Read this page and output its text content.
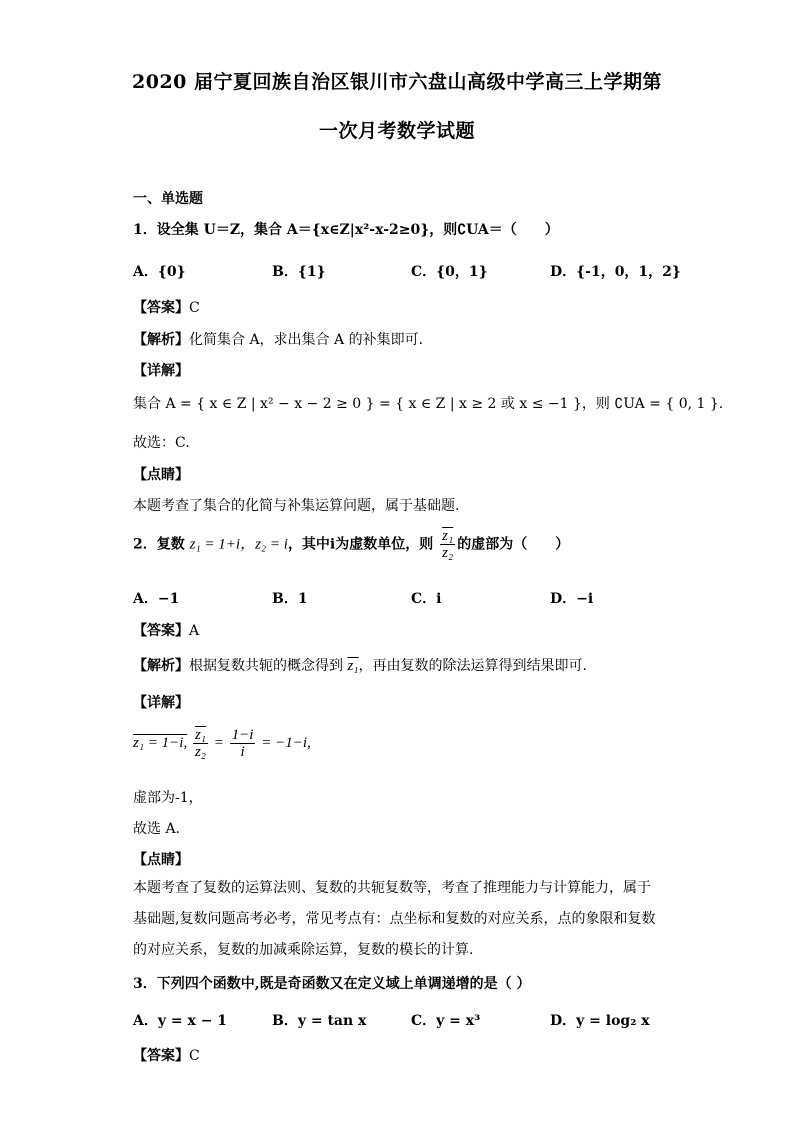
2020 届宁夏回族自治区银川市六盘山高级中学高三上学期第
一次月考数学试题
一、单选题
1．设全集 U＝Z，集合 A＝{x∈Z|x²-x-2≥0}，则∁UA＝（　　）
A．{0}	B．{1}	C．{0，1}	D．{-1，0，1，2}
【答案】C
【解析】化简集合 A，求出集合 A 的补集即可.
【详解】
集合 A = { x ∈ Z | x² − x − 2 ≥ 0 } = { x ∈ Z | x ≥ 2 或 x ≤ −1 }，则 ∁UA = { 0, 1 }.
故选：C.
【点睛】
本题考查了集合的化简与补集运算问题，属于基础题.
2．复数 z₁ = 1+i，z₂ = i，其中i为虚数单位，则 $\frac{\text{z₁}}{\text{z₂}}$ 的虚部为（　　）
A．−1	B．1	C．i	D．−i
【答案】A
【解析】根据复数共轭的概念得到 z₁，再由复数的除法运算得到结果即可.
【详解】
z₁ = 1−i, $\frac{\text{z₁}}{\text{z₂}} = \frac{1-i}{i} = -1-i$,
虚部为-1，
故选 A.
【点睛】
本题考查了复数的运算法则、复数的共轭复数等，考查了推理能力与计算能力，属于基础题,复数问题高考必考，常见考点有：点坐标和复数的对应关系，点的象限和复数的对应关系，复数的加减乘除运算，复数的模长的计算.
3．下列四个函数中,既是奇函数又在定义域上单调递增的是（ ）
A．y = x − 1	B．y = tan x	C．y = x³	D．y = log₂ x
【答案】C
